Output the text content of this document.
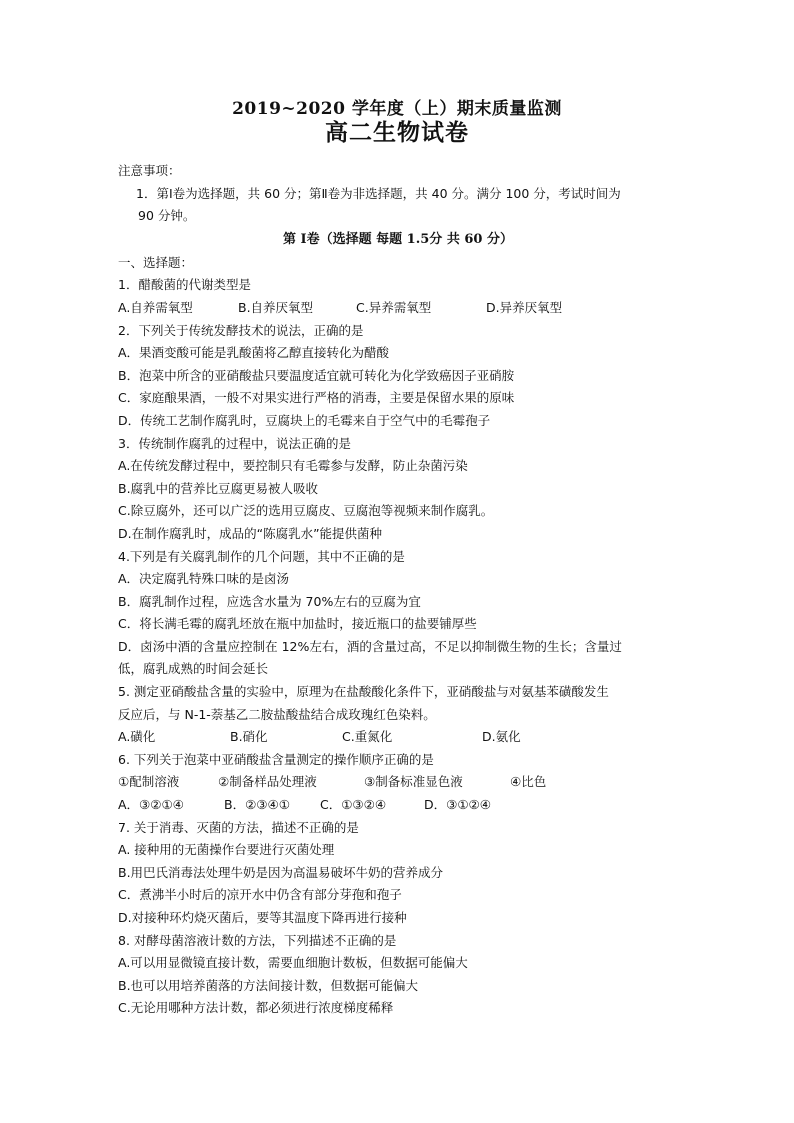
2019~2020 学年度（上）期末质量监测
高二生物试卷
注意事项：
1．第Ⅰ卷为选择题，共 60 分；第Ⅱ卷为非选择题，共 40 分。满分 100 分，考试时间为
90 分钟。
第 Ⅰ卷（选择题 每题 1.5分 共 60 分）
一、选择题：
1．醋酸菌的代谢类型是
A.自养需氧型	B.自养厌氧型	C.异养需氧型	D.异养厌氧型
2．下列关于传统发酵技术的说法，正确的是
A．果酒变酸可能是乳酸菌将乙醇直接转化为醋酸
B．泡菜中所含的亚硝酸盐只要温度适宜就可转化为化学致癌因子亚硝胺
C．家庭酿果酒，一般不对果实进行严格的消毒，主要是保留水果的原味
D．传统工艺制作腐乳时，豆腐块上的毛霉来自于空气中的毛霉孢子
3．传统制作腐乳的过程中，说法正确的是
A.在传统发酵过程中，要控制只有毛霉参与发酵，防止杂菌污染
B.腐乳中的营养比豆腐更易被人吸收
C.除豆腐外，还可以广泛的选用豆腐皮、豆腐泡等视频来制作腐乳。
D.在制作腐乳时，成品的“陈腐乳水”能提供菌种
4.下列是有关腐乳制作的几个问题，其中不正确的是
A．决定腐乳特殊口味的是卤汤
B．腐乳制作过程，应选含水量为 70%左右的豆腐为宜
C．将长满毛霉的腐乳坯放在瓶中加盐时，接近瓶口的盐要铺厚些
D．卤汤中酒的含量应控制在 12%左右，酒的含量过高，不足以抑制微生物的生长；含量过
低，腐乳成熟的时间会延长
5. 测定亚硝酸盐含量的实验中，原理为在盐酸酸化条件下，亚硝酸盐与对氨基苯磺酸发生
反应后，与 N-1-萘基乙二胺盐酸盐结合成玫瑰红色染料。
A.磺化	B.硝化	C.重氮化	D.氨化
6. 下列关于泡菜中亚硝酸盐含量测定的操作顺序正确的是
①配制溶液	②制备样品处理液	③制备标准显色液	④比色
A．③②①④	B．②③④①	C．①③②④	D．③①②④
7. 关于消毒、灭菌的方法，描述不正确的是
A. 接种用的无菌操作台要进行灭菌处理
B.用巴氏消毒法处理牛奶是因为高温易破坏牛奶的营养成分
C．煮沸半小时后的凉开水中仍含有部分芽孢和孢子
D.对接种环灼烧灭菌后，要等其温度下降再进行接种
8. 对酵母菌溶液计数的方法，下列描述不正确的是
A.可以用显微镜直接计数，需要血细胞计数板，但数据可能偏大
B.也可以用培养菌落的方法间接计数，但数据可能偏大
C.无论用哪种方法计数，都必须进行浓度梯度稀释
